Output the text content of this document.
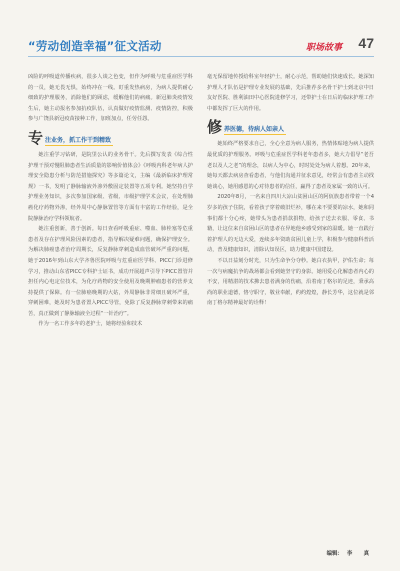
“劳动创造幸福”征文活动	职场故事 47

凶险的呼吸道传播疾病，很多人谈之色变，但作为呼吸与危重症医学科的一员，她无畏无惧，始终冲在一线。盯重发热病房，为病人提供耐心细致的护理服务，消除他们的顾虑，缓解他们的病痛。新冠肺炎疫情发生后，她主动报名参加抗疫队伍，认真做好疫情监测、疫情防控，积极参与广饶县新冠疫苗接种工作，加班加点，任劳任怨。

专 注业务，抓工作干到精致

她注重学习钻研，是院里公认的业务骨干。先后撰写发表《综合性护理干预对慢阻肺患者生活质量的影响价值体会》《呼吸内科老年病人护理安全隐患分析与防范措施探究》等多篇论文，主编《最新临床护理常规》一书，发明了静脉输液外渗外敷固定装置等五项专利。她坚持自学护理业务知识，多次参加国家级、省级、市级护理学术会议，在处理肺癌化疗药物外渗，经外周中心静脉置管等方面有丰富的工作经验，是全院静脉治疗学科领航者。

她注重创新，善于创新。每日查看呼吸重症、噬血、肺栓塞等危重患者及存在护理风险因素的患者，指导解决疑难问题，确保护理安全。为解决肺癌患者治疗周期长，反复静脉穿刺造成血管破坏严重的问题，她于2016年到山东大学齐鲁医院呼吸与危重症医学科、PICC门诊进修学习，推动山东省PICC专科护士证书，成功开展超声引导下PICC置管并担任内心电定位技术，为化疗药物的安全使用及晚期肿瘤患者的营养支持提供了保障。有一位肺癌晚期的大姑，外周静脉非常细且破坏严重，穿刺困难，她及时为患者置入PICC导管，免除了反复静脉穿刺带来的痛苦，真正做到了静脉输液全过程“一针治疗”。

作为一名工作多年的老护士，她将经验和技术

毫无保留地传授给科室年轻护士，耐心示范，帮助她们快速成长。她深知护理人才队伍是护理专业发展的基础，先后推荐多名骨干护士到北京中日友好医院、胜利油田中心医院进修学习，还带护士在日后的临床护理工作中都发挥了巨大的作用。

修 养医德，待病人如亲人

她始终严格要求自己，全心全意为病人服务，热情体贴地为病人提供最优质的护理服务。呼吸与危重症医学科老年患者多，她大力倡导“老吾老以及人之老”的理念，以病人为中心，时时处处为病人着想。20年来，她每天都去病房查看患者，与他们沟通并征求意见，经常会有患者主动找她谈心，她用感恩的心对待患者的信任，赢得了患者及家属一致的认可。

2020年8月，一名来自四川大凉山贫困山区的阿佤族患者带着一个4岁多的孩子住院，看着孩子穿着破旧烂衫，哪在来不要要的凉水，她和同事们都十分心疼，她带头为患者捐款捐物，给孩子送去衣服、零食、书籍，让这位来自贫困山区的患者在异地他乡感受到家的温暖。她一直践行着护理人的无边大爱，连续多年资助贫困儿童上学，积极参与健康科普活动，普及健康知识，清除认知误区，助力健康中国建设。

不以日益刻分时光，只为生命争分夺秒。她白衣执甲，护佑生命；每一次与病魔抗争的战场都会看到她坚守的身影。她用爱心化解患者内心的不安，用精湛的技术拂去患者满身的伤痛，沿着南丁格尔的足迹，秉承高尚的职业道德，恪守职守，敬业奉献，约约煌煌，静长芳华，这位就是邻南丁格尔精神最好的诠释！

编辑： 李　真
